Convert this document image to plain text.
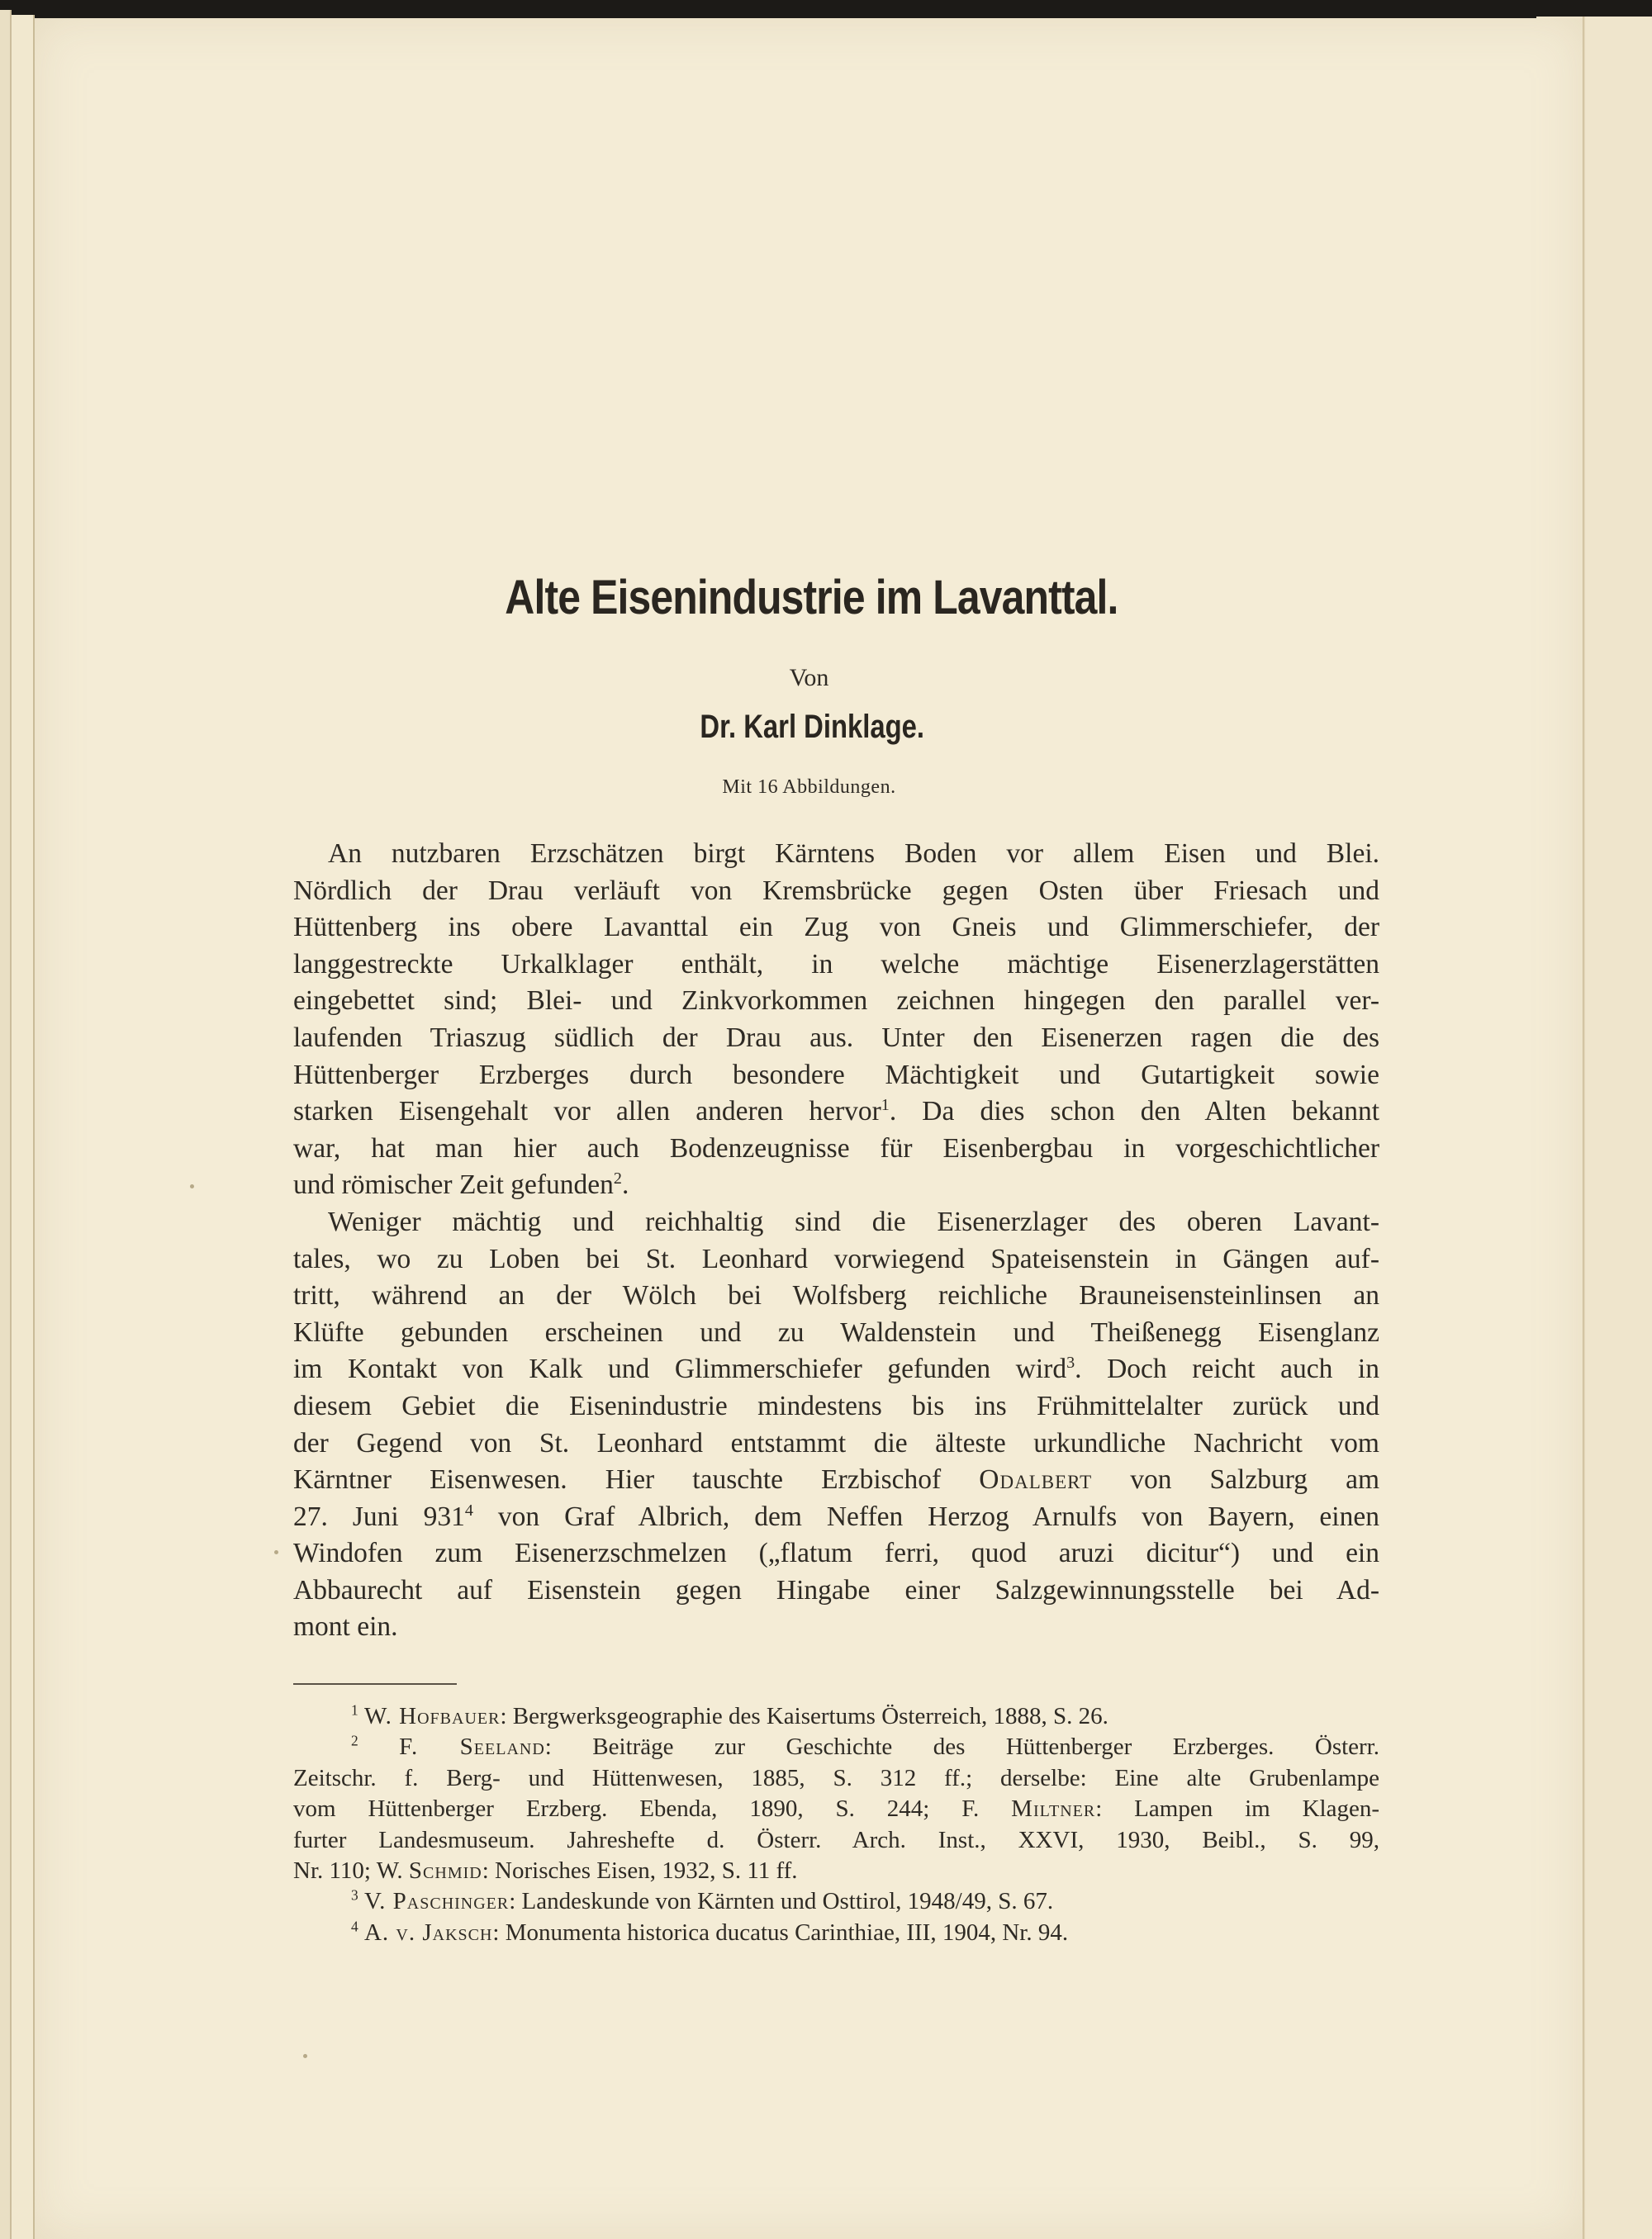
Alte Eisenindustrie im Lavanttal.
Von
Dr. Karl Dinklage.
Mit 16 Abbildungen.
An nutzbaren Erzschätzen birgt Kärntens Boden vor allem Eisen und Blei.
Nördlich der Drau verläuft von Kremsbrücke gegen Osten über Friesach und
Hüttenberg ins obere Lavanttal ein Zug von Gneis und Glimmerschiefer, der
langgestreckte Urkalklager enthält, in welche mächtige Eisenerzlagerstätten
eingebettet sind; Blei- und Zinkvorkommen zeichnen hingegen den parallel ver-
laufenden Triaszug südlich der Drau aus. Unter den Eisenerzen ragen die des
Hüttenberger Erzberges durch besondere Mächtigkeit und Gutartigkeit sowie
starken Eisengehalt vor allen anderen hervor$^1$. Da dies schon den Alten bekannt
war, hat man hier auch Bodenzeugnisse für Eisenbergbau in vorgeschichtlicher
und römischer Zeit gefunden$^2$.
Weniger mächtig und reichhaltig sind die Eisenerzlager des oberen Lavant-
tales, wo zu Loben bei St. Leonhard vorwiegend Spateisenstein in Gängen auf-
tritt, während an der Wölch bei Wolfsberg reichliche Brauneisensteinlinsen an
Klüfte gebunden erscheinen und zu Waldenstein und Theißenegg Eisenglanz
im Kontakt von Kalk und Glimmerschiefer gefunden wird$^3$. Doch reicht auch in
diesem Gebiet die Eisenindustrie mindestens bis ins Frühmittelalter zurück und
der Gegend von St. Leonhard entstammt die älteste urkundliche Nachricht vom
Kärntner Eisenwesen. Hier tauschte Erzbischof Odalbert von Salzburg am
27. Juni $931^4$ von Graf Albrich, dem Neffen Herzog Arnulfs von Bayern, einen
Windofen zum Eisenerzschmelzen („flatum ferri, quod aruzi dicitur“) und ein
Abbaurecht auf Eisenstein gegen Hingabe einer Salzgewinnungsstelle bei Ad-
mont ein.
$^1$ W. Hofbauer: Bergwerksgeographie des Kaisertums Österreich, 1888, S. 26.
$^2$ F. Seeland: Beiträge zur Geschichte des Hüttenberger Erzberges. Österr.
Zeitschr. f. Berg- und Hüttenwesen, 1885, S. 312 ff.; derselbe: Eine alte Grubenlampe
vom Hüttenberger Erzberg. Ebenda, 1890, S. 244; F. Miltner: Lampen im Klagen-
furter Landesmuseum. Jahreshefte d. Österr. Arch. Inst., XXVI, 1930, Beibl., S. 99,
Nr. 110; W. Schmid: Norisches Eisen, 1932, S. 11 ff.
$^3$ V. Paschinger: Landeskunde von Kärnten und Osttirol, 1948/49, S. 67.
$^4$ A. v. Jaksch: Monumenta historica ducatus Carinthiae, III, 1904, Nr. 94.
